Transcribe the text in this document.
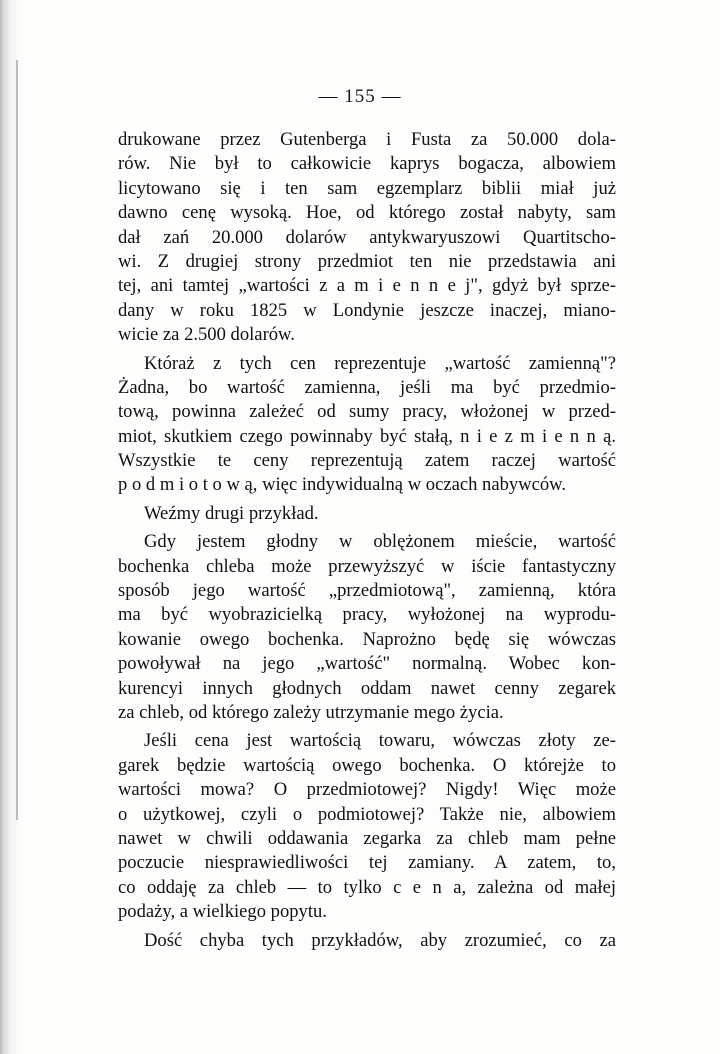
— 155 —
drukowane przez Gutenberga i Fusta za 50.000 dola-
rów. Nie był to całkowicie kaprys bogacza, albowiem
licytowano się i ten sam egzemplarz biblii miał już
dawno cenę wysoką. Hoe, od którego został nabyty, sam
dał zań 20.000 dolarów antykwaryuszowi Quartitscho-
wi. Z drugiej strony przedmiot ten nie przedstawia ani
tej, ani tamtej „wartości z a m i e n n e j", gdyż był sprze-
dany w roku 1825 w Londynie jeszcze inaczej, miano-
wicie za 2.500 dolarów.
Któraż z tych cen reprezentuje „wartość zamienną"?
Żadna, bo wartość zamienna, jeśli ma być przedmio-
tową, powinna zależeć od sumy pracy, włożonej w przed-
miot, skutkiem czego powinnaby być stałą, n i e z m i e n n ą.
Wszystkie te ceny reprezentują zatem raczej wartość
p o d m i o t o w ą, więc indywidualną w oczach nabywców.
Weźmy drugi przykład.
Gdy jestem głodny w oblężonem mieście, wartość
bochenka chleba może przewyższyć w iście fantastyczny
sposób jego wartość „przedmiotową", zamienną, która
ma być wyobrazicielką pracy, wyłożonej na wyprodu-
kowanie owego bochenka. Naprożno będę się wówczas
powoływał na jego „wartość" normalną. Wobec kon-
kurencyi innych głodnych oddam nawet cenny zegarek
za chleb, od którego zależy utrzymanie mego życia.
Jeśli cena jest wartością towaru, wówczas złoty ze-
garek będzie wartością owego bochenka. O którejże to
wartości mowa? O przedmiotowej? Nigdy! Więc może
o użytkowej, czyli o podmiotowej? Także nie, albowiem
nawet w chwili oddawania zegarka za chleb mam pełne
poczucie niesprawiedliwości tej zamiany. A zatem, to,
co oddaję za chleb — to tylko c e n a, zależna od małej
podaży, a wielkiego popytu.
Dość chyba tych przykładów, aby zrozumieć, co za
